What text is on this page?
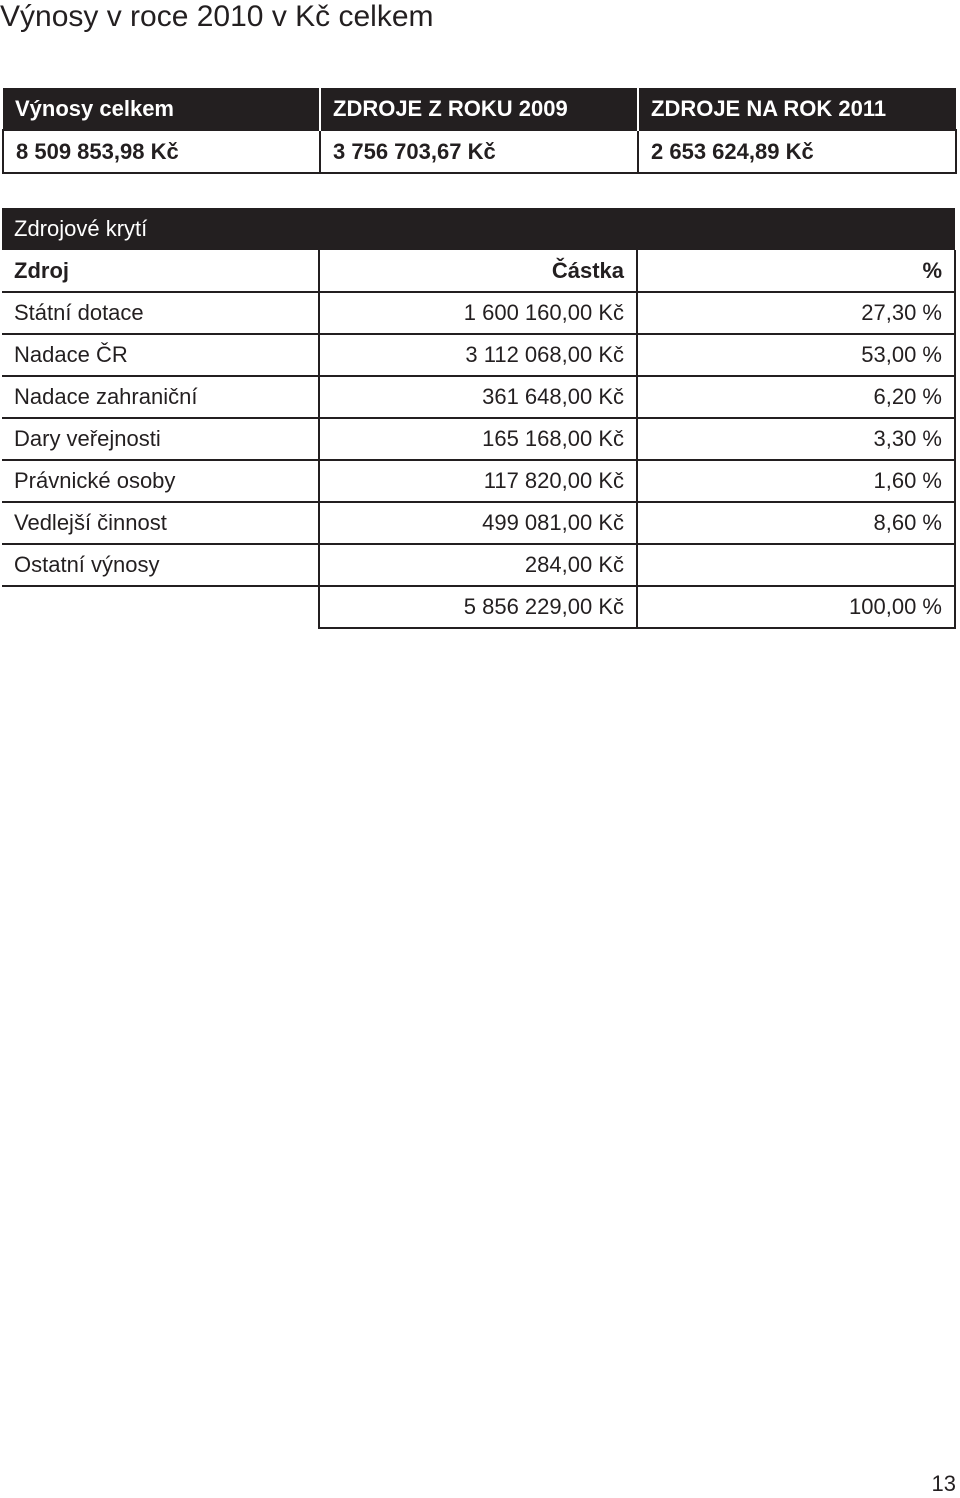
Výnosy v roce 2010 v Kč celkem
Výnosy celkem	ZDROJE Z ROKU 2009	ZDROJE NA ROK 2011
8 509 853,98 Kč	3 756 703,67 Kč	2 653 624,89 Kč
Zdrojové krytí		
Zdroj	Částka	%
Státní dotace	1 600 160,00 Kč	27,30 %
Nadace ČR	3 112 068,00 Kč	53,00 %
Nadace zahraniční	361 648,00 Kč	6,20 %
Dary veřejnosti	165 168,00 Kč	3,30 %
Právnické osoby	117 820,00 Kč	1,60 %
Vedlejší činnost	499 081,00 Kč	8,60 %
Ostatní výnosy	284,00 Kč	
	5 856 229,00 Kč	100,00 %
13
